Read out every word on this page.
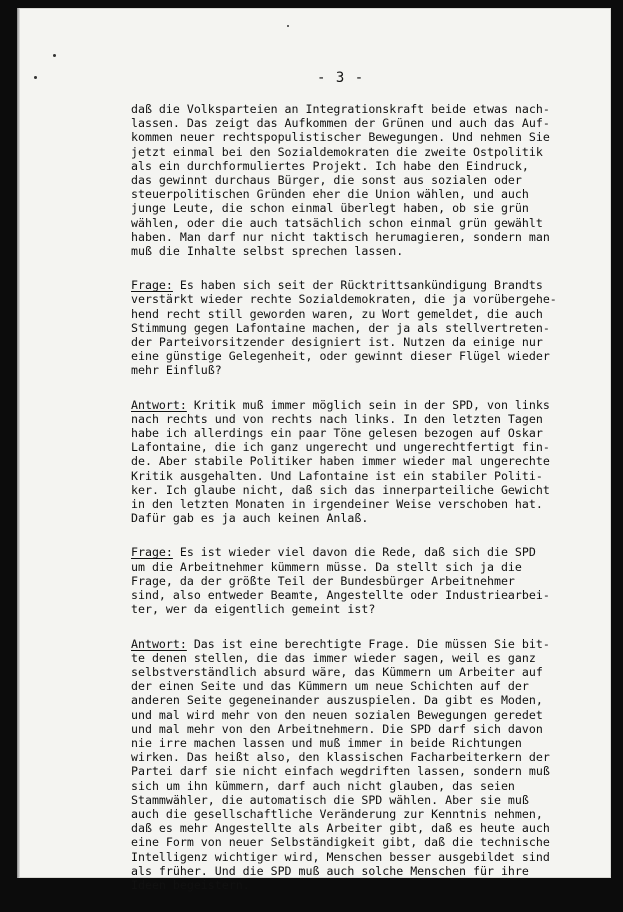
- 3 -
daß die Volksparteien an Integrationskraft beide etwas nach-
lassen. Das zeigt das Aufkommen der Grünen und auch das Auf-
kommen neuer rechtspopulistischer Bewegungen. Und nehmen Sie
jetzt einmal bei den Sozialdemokraten die zweite Ostpolitik
als ein durchformuliertes Projekt. Ich habe den Eindruck,
das gewinnt durchaus Bürger, die sonst aus sozialen oder
steuerpolitischen Gründen eher die Union wählen, und auch
junge Leute, die schon einmal überlegt haben, ob sie grün
wählen, oder die auch tatsächlich schon einmal grün gewählt
haben. Man darf nur nicht taktisch herumagieren, sondern man
muß die Inhalte selbst sprechen lassen.
Frage: Es haben sich seit der Rücktrittsankündigung Brandts
verstärkt wieder rechte Sozialdemokraten, die ja vorübergehe-
hend recht still geworden waren, zu Wort gemeldet, die auch
Stimmung gegen Lafontaine machen, der ja als stellvertreten-
der Parteivorsitzender designiert ist. Nutzen da einige nur
eine günstige Gelegenheit, oder gewinnt dieser Flügel wieder
mehr Einfluß?
Antwort: Kritik muß immer möglich sein in der SPD, von links
nach rechts und von rechts nach links. In den letzten Tagen
habe ich allerdings ein paar Töne gelesen bezogen auf Oskar
Lafontaine, die ich ganz ungerecht und ungerechtfertigt fin-
de. Aber stabile Politiker haben immer wieder mal ungerechte
Kritik ausgehalten. Und Lafontaine ist ein stabiler Politi-
ker. Ich glaube nicht, daß sich das innerparteiliche Gewicht
in den letzten Monaten in irgendeiner Weise verschoben hat.
Dafür gab es ja auch keinen Anlaß.
Frage: Es ist wieder viel davon die Rede, daß sich die SPD
um die Arbeitnehmer kümmern müsse. Da stellt sich ja die
Frage, da der größte Teil der Bundesbürger Arbeitnehmer
sind, also entweder Beamte, Angestellte oder Industriearbei-
ter, wer da eigentlich gemeint ist?
Antwort: Das ist eine berechtigte Frage. Die müssen Sie bit-
te denen stellen, die das immer wieder sagen, weil es ganz
selbstverständlich absurd wäre, das Kümmern um Arbeiter auf
der einen Seite und das Kümmern um neue Schichten auf der
anderen Seite gegeneinander auszuspielen. Da gibt es Moden,
und mal wird mehr von den neuen sozialen Bewegungen geredet
und mal mehr von den Arbeitnehmern. Die SPD darf sich davon
nie irre machen lassen und muß immer in beide Richtungen
wirken. Das heißt also, den klassischen Facharbeiterkern der
Partei darf sie nicht einfach wegdriften lassen, sondern muß
sich um ihn kümmern, darf auch nicht glauben, das seien
Stammwähler, die automatisch die SPD wählen. Aber sie muß
auch die gesellschaftliche Veränderung zur Kenntnis nehmen,
daß es mehr Angestellte als Arbeiter gibt, daß es heute auch
eine Form von neuer Selbständigkeit gibt, daß die technische
Intelligenz wichtiger wird, Menschen besser ausgebildet sind
als früher. Und die SPD muß auch solche Menschen für ihre
Ideen begeistern.
